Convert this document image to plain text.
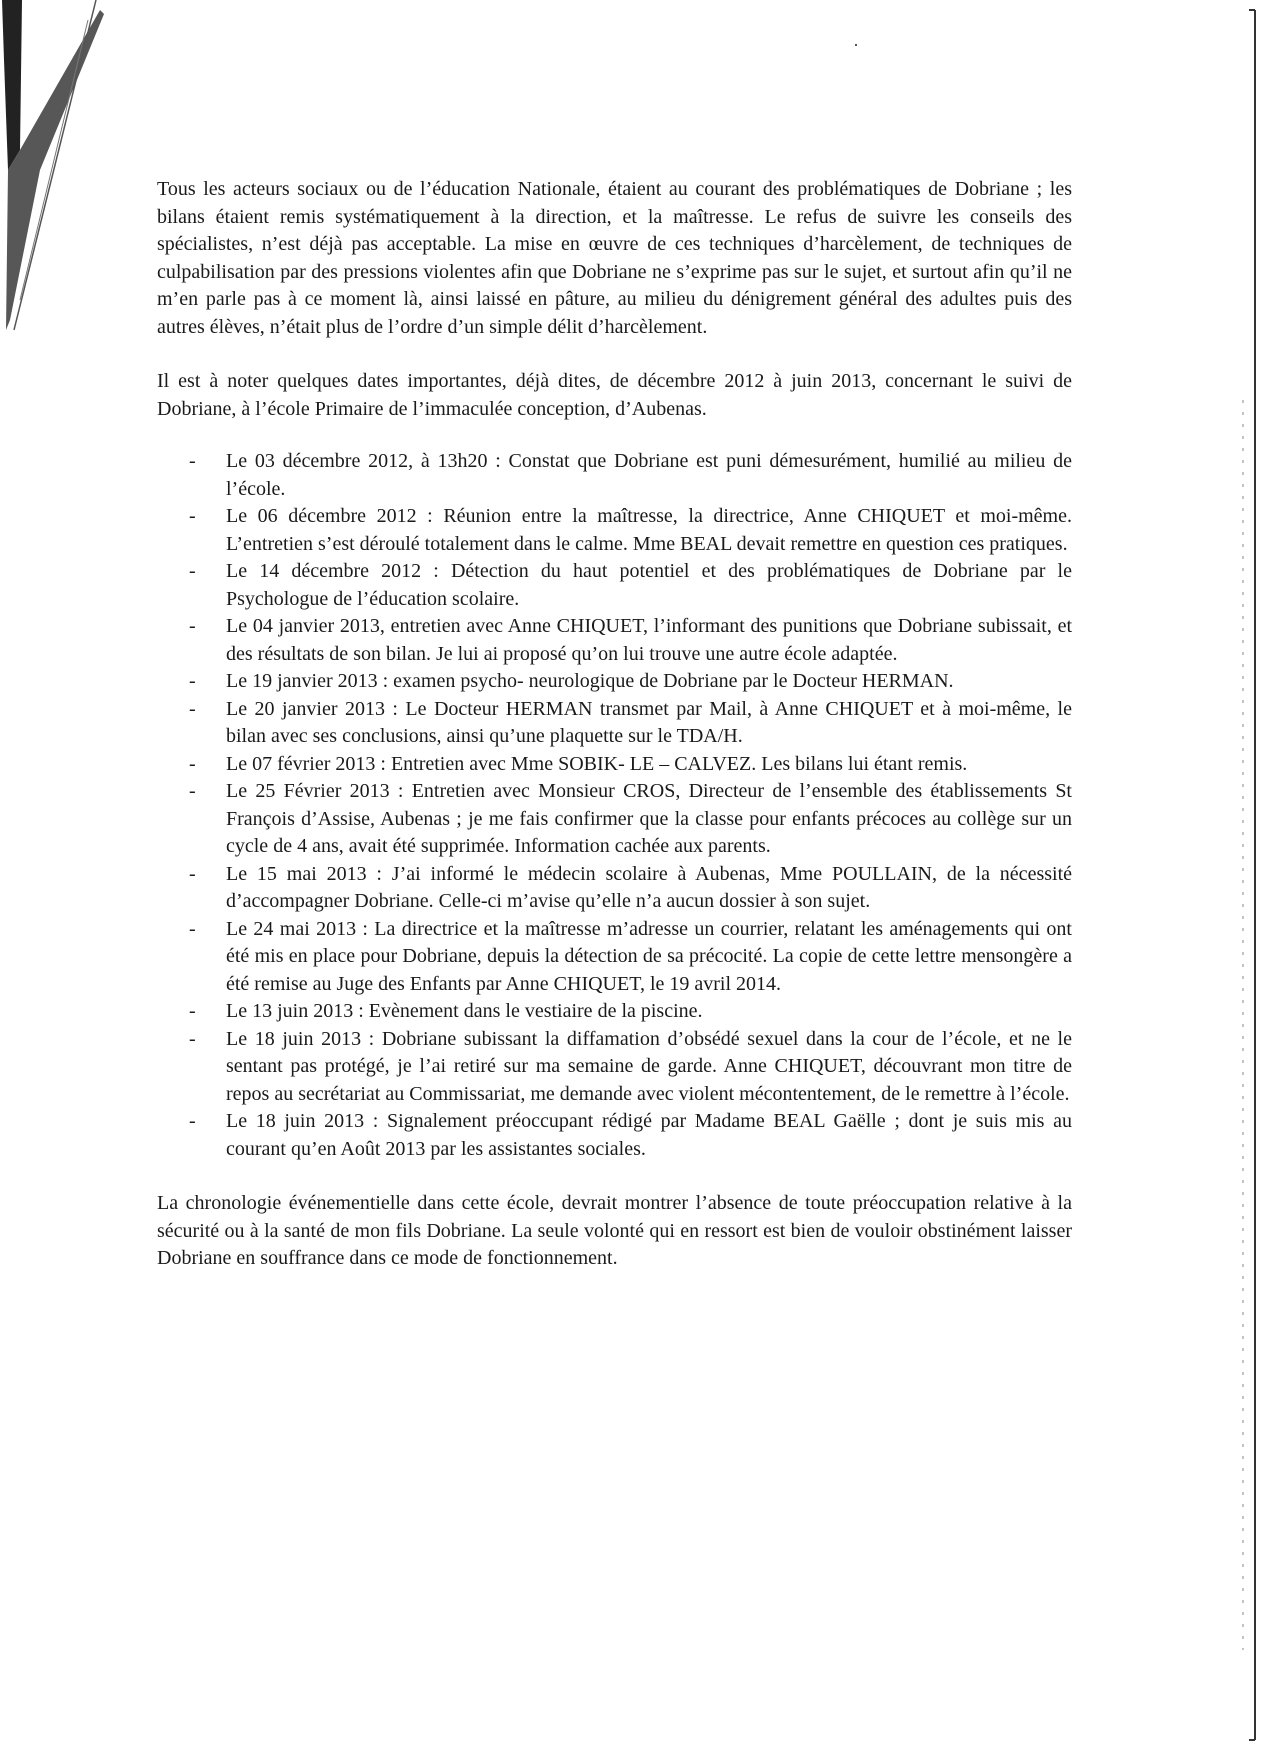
Tous les acteurs sociaux ou de l’éducation Nationale, étaient au courant des problématiques de Dobriane ; les bilans étaient remis systématiquement à la direction, et la maîtresse. Le refus de suivre les conseils des spécialistes, n’est déjà pas acceptable. La mise en œuvre de ces techniques d’harcèlement, de techniques de culpabilisation par des pressions violentes afin que Dobriane ne s’exprime pas sur le sujet, et surtout afin qu’il ne m’en parle pas à ce moment là, ainsi laissé en pâture, au milieu du dénigrement général des adultes puis des autres élèves, n’était plus de l’ordre d’un simple délit d’harcèlement.

Il est à noter quelques dates importantes, déjà dites, de décembre 2012 à juin 2013, concernant le suivi de Dobriane, à l’école Primaire de l’immaculée conception, d’Aubenas.

- Le 03 décembre 2012, à 13h20 : Constat que Dobriane est puni démesurément, humilié au milieu de l’école.
- Le 06 décembre 2012 : Réunion entre la maîtresse, la directrice, Anne CHIQUET et moi-même. L’entretien s’est déroulé totalement dans le calme. Mme BEAL devait remettre en question ces pratiques.
- Le 14 décembre 2012 : Détection du haut potentiel et des problématiques de Dobriane par le Psychologue de l’éducation scolaire.
- Le 04 janvier 2013, entretien avec Anne CHIQUET, l’informant des punitions que Dobriane subissait, et des résultats de son bilan. Je lui ai proposé qu’on lui trouve une autre école adaptée.
- Le 19 janvier 2013 : examen psycho- neurologique de Dobriane par le Docteur HERMAN.
- Le 20 janvier 2013 : Le Docteur HERMAN transmet par Mail, à Anne CHIQUET et à moi-même, le bilan avec ses conclusions, ainsi qu’une plaquette sur le TDA/H.
- Le 07 février 2013 : Entretien avec Mme SOBIK- LE – CALVEZ. Les bilans lui étant remis.
- Le 25 Février 2013 : Entretien avec Monsieur CROS, Directeur de l’ensemble des établissements St François d’Assise, Aubenas ; je me fais confirmer que la classe pour enfants précoces au collège sur un cycle de 4 ans, avait été supprimée. Information cachée aux parents.
- Le 15 mai 2013 : J’ai informé le médecin scolaire à Aubenas, Mme POULLAIN, de la nécessité d’accompagner Dobriane. Celle-ci m’avise qu’elle n’a aucun dossier à son sujet.
- Le 24 mai 2013 : La directrice et la maîtresse m’adresse un courrier, relatant les aménagements qui ont été mis en place pour Dobriane, depuis la détection de sa précocité. La copie de cette lettre mensongère a été remise au Juge des Enfants par Anne CHIQUET, le 19 avril 2014.
- Le 13 juin 2013 : Evènement dans le vestiaire de la piscine.
- Le 18 juin 2013 : Dobriane subissant la diffamation d’obsédé sexuel dans la cour de l’école, et ne le sentant pas protégé, je l’ai retiré sur ma semaine de garde. Anne CHIQUET, découvrant mon titre de repos au secrétariat au Commissariat, me demande avec violent mécontentement, de le remettre à l’école.
- Le 18 juin 2013 : Signalement préoccupant rédigé par Madame BEAL Gaëlle ; dont je suis mis au courant qu’en Août 2013 par les assistantes sociales.

La chronologie événementielle dans cette école, devrait montrer l’absence de toute préoccupation relative à la sécurité ou à la santé de mon fils Dobriane. La seule volonté qui en ressort est bien de vouloir obstinément laisser Dobriane en souffrance dans ce mode de fonctionnement.
